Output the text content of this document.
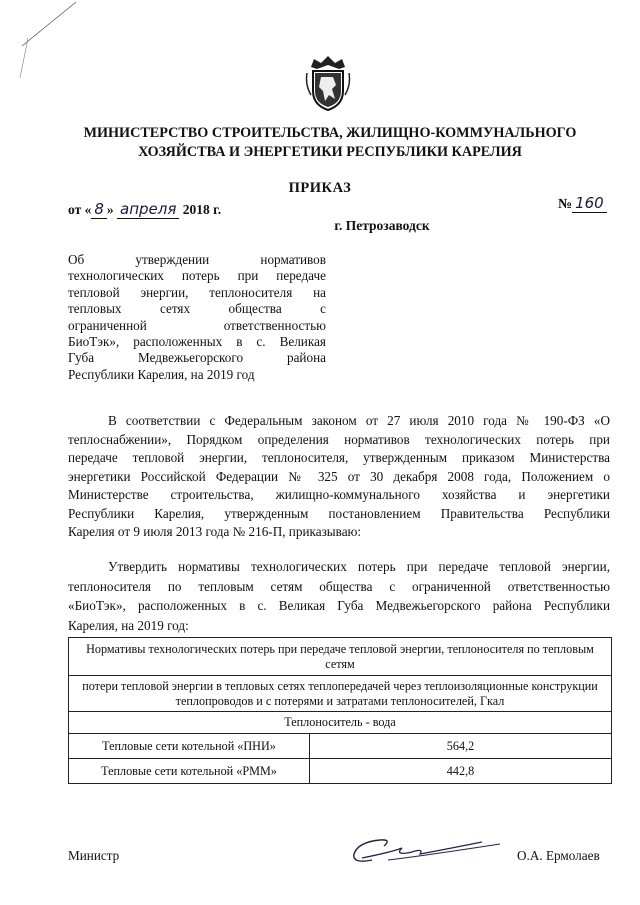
МИНИСТЕРСТВО СТРОИТЕЛЬСТВА, ЖИЛИЩНО-КОММУНАЛЬНОГО
ХОЗЯЙСТВА И ЭНЕРГЕТИКИ РЕСПУБЛИКИ КАРЕЛИЯ
ПРИКАЗ
от « 8 » апреля 2018 г.	№ 160
г. Петрозаводск
Об утверждении нормативов
технологических потерь при передаче
тепловой энергии, теплоносителя на
тепловых сетях общества с
ограниченной ответственностью
БиоТэк», расположенных в с. Великая
Губа Медвежьегорского района
Республики Карелия, на 2019 год
В соответствии с Федеральным законом от 27 июля 2010 года № 190-ФЗ «О
теплоснабжении», Порядком определения нормативов технологических потерь при
передаче тепловой энергии, теплоносителя, утвержденным приказом Министерства
энергетики Российской Федерации № 325 от 30 декабря 2008 года, Положением о
Министерстве строительства, жилищно-коммунального хозяйства и энергетики
Республики Карелия, утвержденным постановлением Правительства Республики
Карелия от 9 июля 2013 года № 216-П, приказываю:
Утвердить нормативы технологических потерь при передаче тепловой энергии,
теплоносителя по тепловым сетям общества с ограниченной ответственностью
«БиоТэк», расположенных в с. Великая Губа Медвежьегорского района Республики
Карелия, на 2019 год:
Нормативы технологических потерь при передаче тепловой энергии, теплоносителя по тепловым сетям	
потери тепловой энергии в тепловых сетях теплопередачей через теплоизоляционные конструкции теплопроводов и с потерями и затратами теплоносителей, Гкал	
Теплоноситель - вода	
Тепловые сети котельной «ПНИ»	564,2
Тепловые сети котельной «РММ»	442,8
Министр	О.А. Ермолаев
